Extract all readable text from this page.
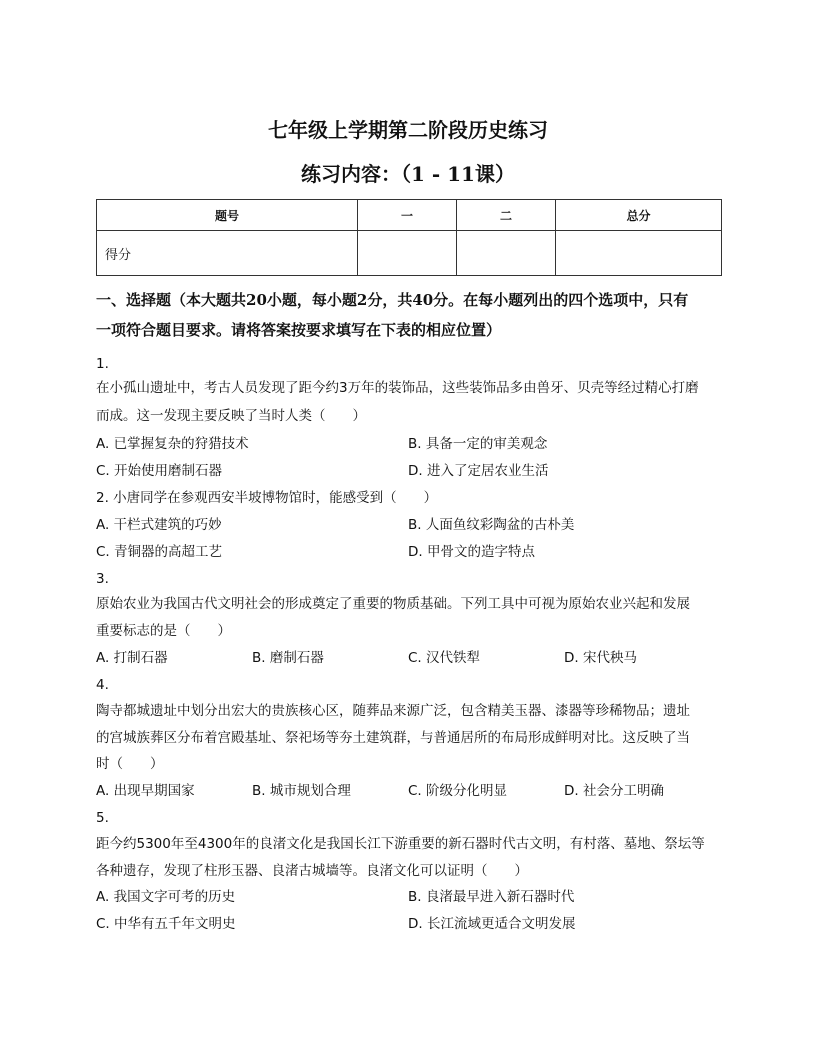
七年级上学期第二阶段历史练习
练习内容：（1 - 11课）
题号	一	二	总分
得分			
一、选择题（本大题共20小题，每小题2分，共40分。在每小题列出的四个选项中，只有
一项符合题目要求。请将答案按要求填写在下表的相应位置）
1.
在小孤山遗址中，考古人员发现了距今约3万年的装饰品，这些装饰品多由兽牙、贝壳等经过精心打磨
而成。这一发现主要反映了当时人类（　　）
A. 已掌握复杂的狩猎技术	B. 具备一定的审美观念
C. 开始使用磨制石器	D. 进入了定居农业生活
2. 小唐同学在参观西安半坡博物馆时，能感受到（　　）
A. 干栏式建筑的巧妙	B. 人面鱼纹彩陶盆的古朴美
C. 青铜器的高超工艺	D. 甲骨文的造字特点
3.
原始农业为我国古代文明社会的形成奠定了重要的物质基础。下列工具中可视为原始农业兴起和发展
重要标志的是（　　）
A. 打制石器	B. 磨制石器	C. 汉代铁犁	D. 宋代秧马
4.
陶寺都城遗址中划分出宏大的贵族核心区，随葬品来源广泛，包含精美玉器、漆器等珍稀物品；遗址
的宫城族葬区分布着宫殿基址、祭祀场等夯土建筑群，与普通居所的布局形成鲜明对比。这反映了当
时（　　）
A. 出现早期国家	B. 城市规划合理	C. 阶级分化明显	D. 社会分工明确
5.
距今约5300年至4300年的良渚文化是我国长江下游重要的新石器时代古文明，有村落、墓地、祭坛等
各种遗存，发现了柱形玉器、良渚古城墙等。良渚文化可以证明（　　）
A. 我国文字可考的历史	B. 良渚最早进入新石器时代
C. 中华有五千年文明史	D. 长江流域更适合文明发展
